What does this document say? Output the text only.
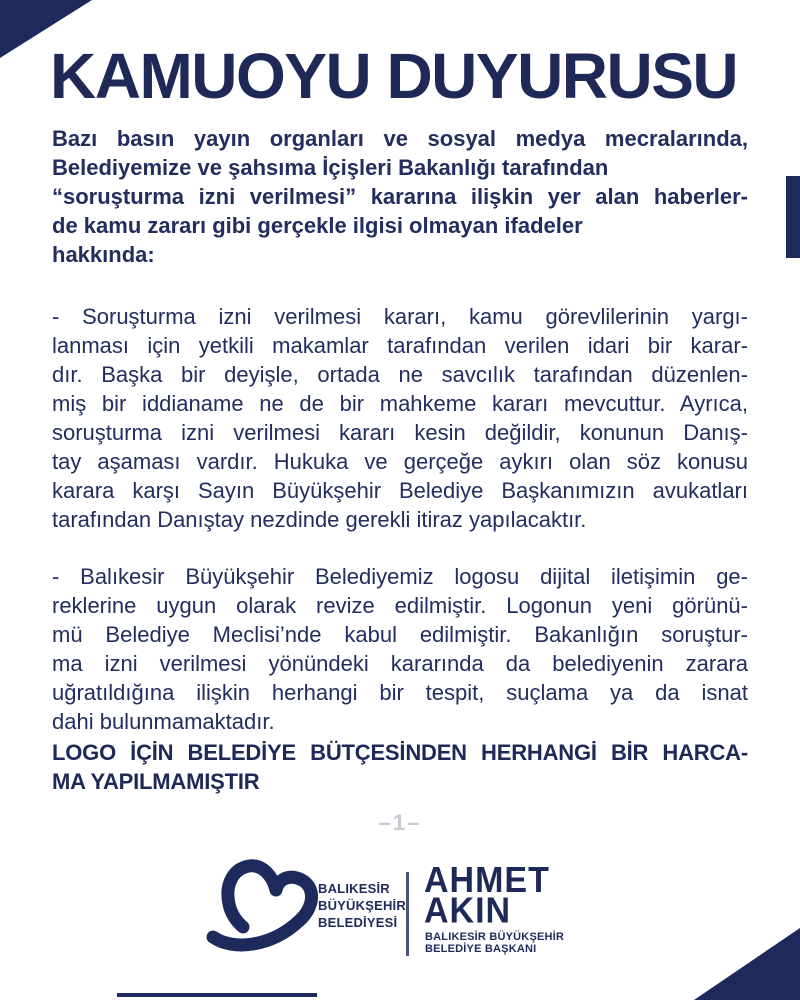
KAMUOYU DUYURUSU
Bazı basın yayın organları ve sosyal medya mecralarında,
Belediyemize ve şahsıma İçişleri Bakanlığı tarafından
“soruşturma izni verilmesi” kararına ilişkin yer alan haberler-
de kamu zararı gibi gerçekle ilgisi olmayan ifadeler
hakkında:
- Soruşturma izni verilmesi kararı, kamu görevlilerinin yargı-
lanması için yetkili makamlar tarafından verilen idari bir karar-
dır. Başka bir deyişle, ortada ne savcılık tarafından düzenlen-
miş bir iddianame ne de bir mahkeme kararı mevcuttur. Ayrıca,
soruşturma izni verilmesi kararı kesin değildir, konunun Danış-
tay aşaması vardır. Hukuka ve gerçeğe aykırı olan söz konusu
karara karşı Sayın Büyükşehir Belediye Başkanımızın avukatları
tarafından Danıştay nezdinde gerekli itiraz yapılacaktır.
- Balıkesir Büyükşehir Belediyemiz logosu dijital iletişimin ge-
reklerine uygun olarak revize edilmiştir. Logonun yeni görünü-
mü Belediye Meclisi’nde kabul edilmiştir. Bakanlığın soruştur-
ma izni verilmesi yönündeki kararında da belediyenin zarara
uğratıldığına ilişkin herhangi bir tespit, suçlama ya da isnat
dahi bulunmamaktadır.
LOGO İÇİN BELEDİYE BÜTÇESİNDEN HERHANGİ BİR HARCA-
MA YAPILMAMIŞTIR
–1–
BALIKESİR
BÜYÜKŞEHİR
BELEDİYESİ
AHMET
AKIN
BALIKESİR BÜYÜKŞEHİR
BELEDİYE BAŞKANI
